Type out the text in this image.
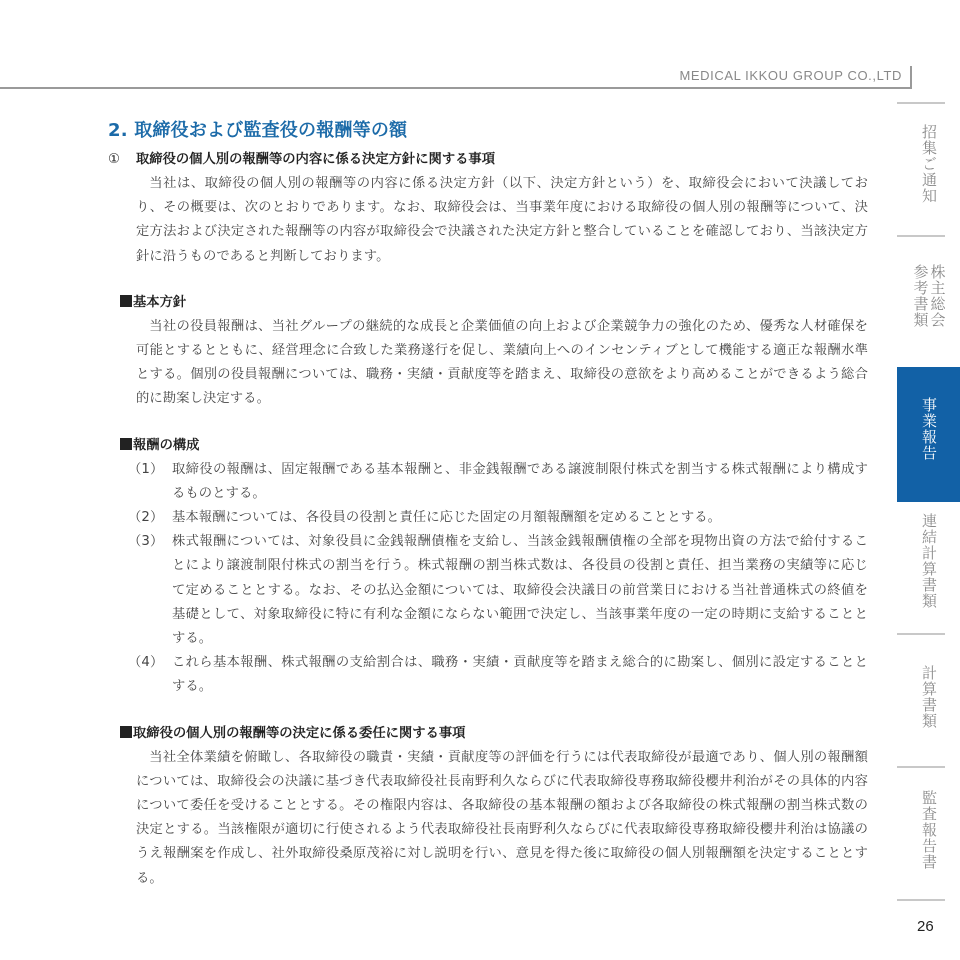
MEDICAL IKKOU GROUP CO.,LTD
2. 取締役および監査役の報酬等の額
① 取締役の個人別の報酬等の内容に係る決定方針に関する事項

当社は、取締役の個人別の報酬等の内容に係る決定方針（以下、決定方針という）を、取締役会において決議しており、その概要は、次のとおりであります。なお、取締役会は、当事業年度における取締役の個人別の報酬等について、決定方法および決定された報酬等の内容が取締役会で決議された決定方針と整合していることを確認しており、当該決定方針に沿うものであると判断しております。

基本方針

当社の役員報酬は、当社グループの継続的な成長と企業価値の向上および企業競争力の強化のため、優秀な人材確保を可能とするとともに、経営理念に合致した業務遂行を促し、業績向上へのインセンティブとして機能する適正な報酬水準とする。個別の役員報酬については、職務・実績・貢献度等を踏まえ、取締役の意欲をより高めることができるよう総合的に勘案し決定する。

報酬の構成
（1） 取締役の報酬は、固定報酬である基本報酬と、非金銭報酬である譲渡制限付株式を割当する株式報酬により構成するものとする。
（2） 基本報酬については、各役員の役割と責任に応じた固定の月額報酬額を定めることとする。
（3） 株式報酬については、対象役員に金銭報酬債権を支給し、当該金銭報酬債権の全部を現物出資の方法で給付することにより譲渡制限付株式の割当を行う。株式報酬の割当株式数は、各役員の役割と責任、担当業務の実績等に応じて定めることとする。なお、その払込金額については、取締役会決議日の前営業日における当社普通株式の終値を基礎として、対象取締役に特に有利な金額にならない範囲で決定し、当該事業年度の一定の時期に支給することとする。
（4） これら基本報酬、株式報酬の支給割合は、職務・実績・貢献度等を踏まえ総合的に勘案し、個別に設定することとする。
取締役の個人別の報酬等の決定に係る委任に関する事項

当社全体業績を俯瞰し、各取締役の職責・実績・貢献度等の評価を行うには代表取締役が最適であり、個人別の報酬額については、取締役会の決議に基づき代表取締役社長南野利久ならびに代表取締役専務取締役櫻井利治がその具体的内容について委任を受けることとする。その権限内容は、各取締役の基本報酬の額および各取締役の株式報酬の割当株式数の決定とする。当該権限が適切に行使されるよう代表取締役社長南野利久ならびに代表取締役専務取締役櫻井利治は協議のうえ報酬案を作成し、社外取締役桑原茂裕に対し説明を行い、意見を得た後に取締役の個人別報酬額を決定することとする。

招集ご通知
株主総会参考書類
事業報告
連結計算書類
計算書類
監査報告書
26
